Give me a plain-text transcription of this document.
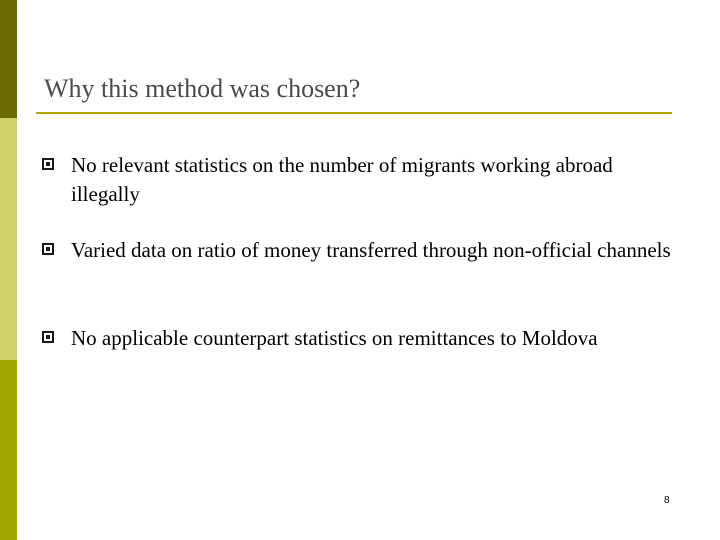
Why this method was chosen?
No relevant statistics on the number of migrants working abroad illegally
Varied data on ratio of money transferred through non-official channels
No applicable counterpart statistics on remittances to Moldova
8
